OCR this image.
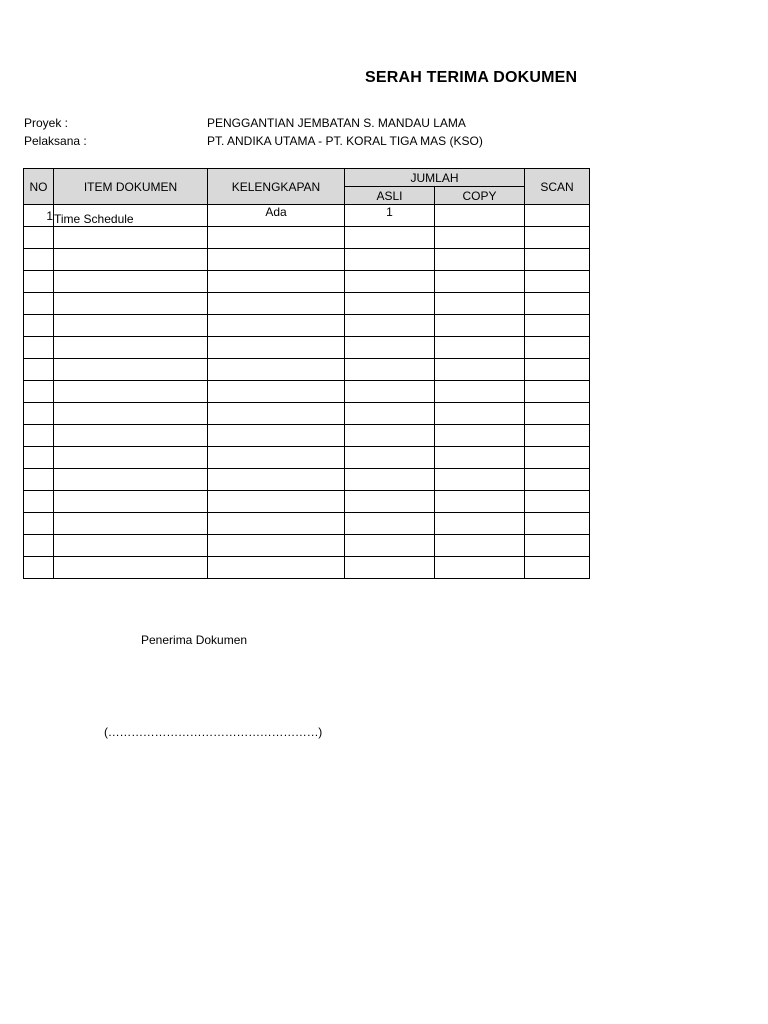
SERAH TERIMA DOKUMEN
Proyek :	PENGGANTIAN JEMBATAN S. MANDAU LAMA
Pelaksana :	PT. ANDIKA UTAMA - PT. KORAL TIGA MAS (KSO)
NO	ITEM DOKUMEN	KELENGKAPAN	JUMLAH		SCAN
			ASLI	COPY	
1	Time Schedule	Ada	1		

Penerima Dokumen
(………………………………………………)
